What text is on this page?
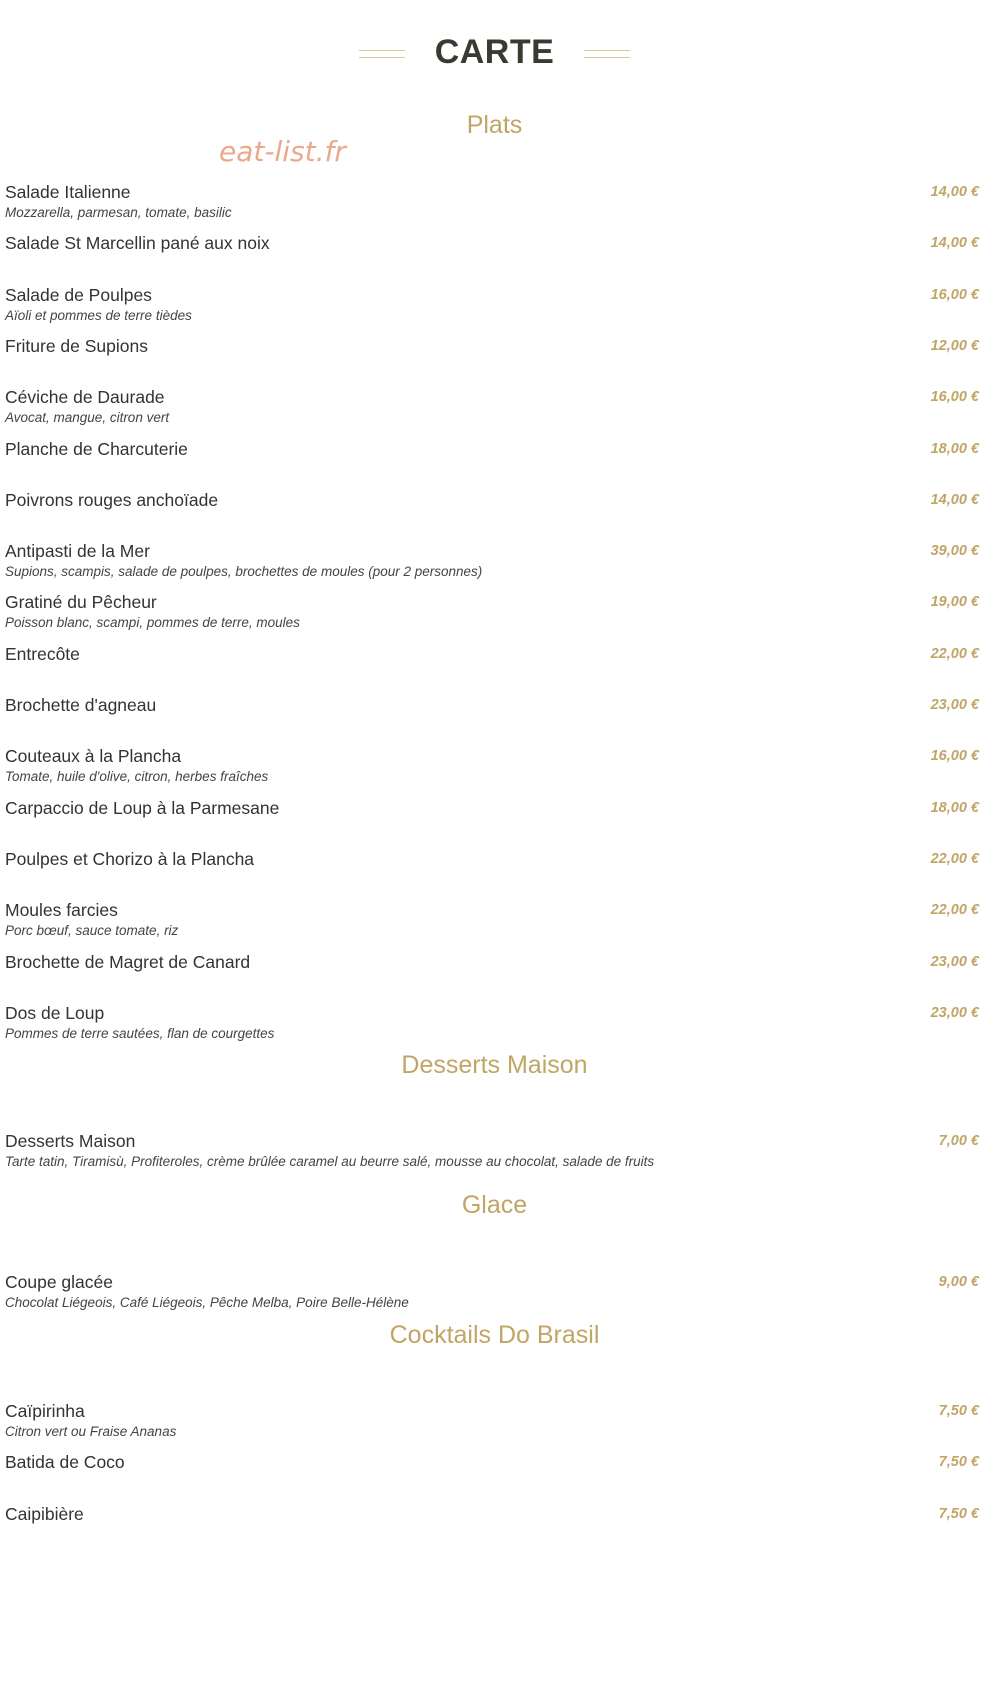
CARTE
eat-list.fr
Plats
Salade Italienne
Mozzarella, parmesan, tomate, basilic
14,00 €
Salade St Marcellin pané aux noix	14,00 €
Salade de Poulpes
Aïoli et pommes de terre tièdes
16,00 €
Friture de Supions	12,00 €
Céviche de Daurade
Avocat, mangue, citron vert
16,00 €
Planche de Charcuterie	18,00 €
Poivrons rouges anchoïade	14,00 €
Antipasti de la Mer
Supions, scampis, salade de poulpes, brochettes de moules (pour 2 personnes)
39,00 €
Gratiné du Pêcheur
Poisson blanc, scampi, pommes de terre, moules
19,00 €
Entrecôte	22,00 €
Brochette d'agneau	23,00 €
Couteaux à la Plancha
Tomate, huile d'olive, citron, herbes fraîches
16,00 €
Carpaccio de Loup à la Parmesane	18,00 €
Poulpes et Chorizo à la Plancha	22,00 €
Moules farcies
Porc bœuf, sauce tomate, riz
22,00 €
Brochette de Magret de Canard	23,00 €
Dos de Loup
Pommes de terre sautées, flan de courgettes
23,00 €
Desserts Maison
Desserts Maison
Tarte tatin, Tiramisù, Profiteroles, crème brûlée caramel au beurre salé, mousse au chocolat, salade de fruits
7,00 €
Glace
Coupe glacée
Chocolat Liégeois, Café Liégeois, Pêche Melba, Poire Belle-Hélène
9,00 €
Cocktails Do Brasil
Caïpirinha
Citron vert ou Fraise Ananas
7,50 €
Batida de Coco	7,50 €
Caipibière	7,50 €
